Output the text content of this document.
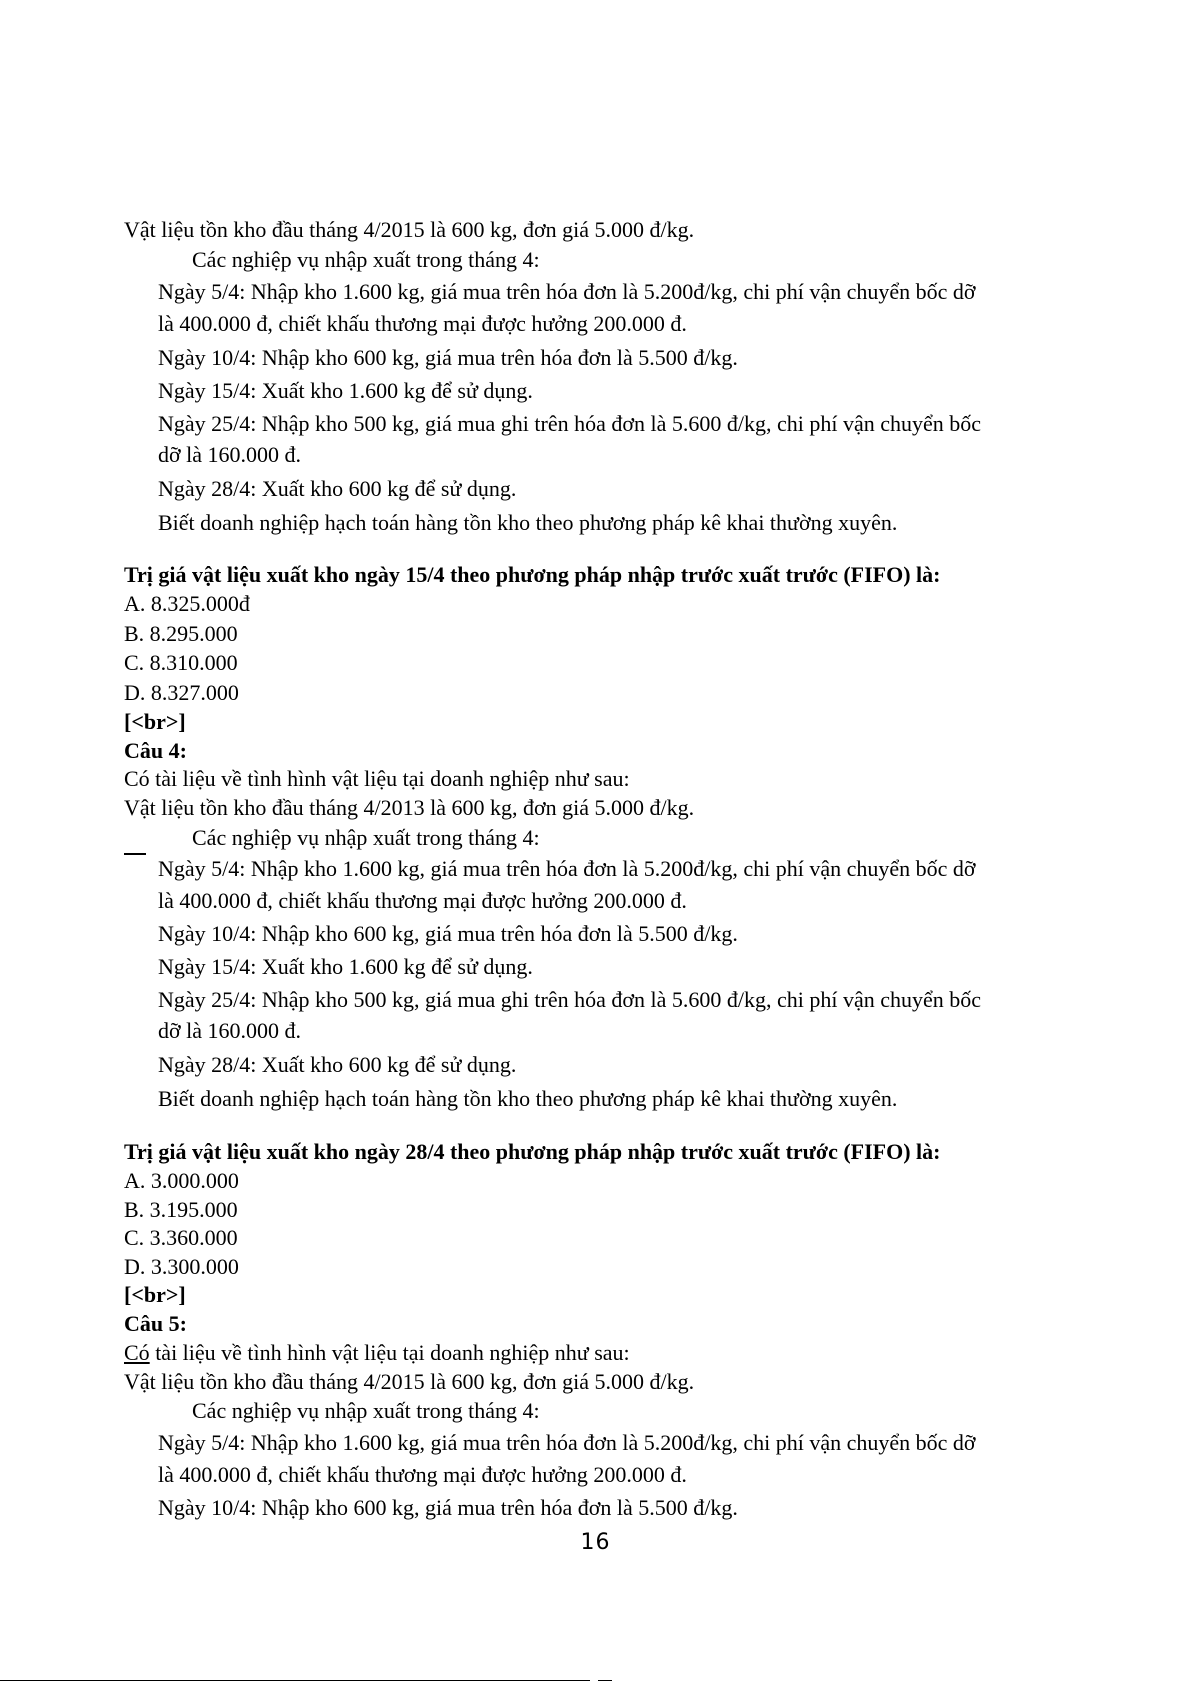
Vật liệu tồn kho đầu tháng 4/2015 là 600 kg, đơn giá 5.000 đ/kg.
Các nghiệp vụ nhập xuất trong tháng 4:
Ngày 5/4: Nhập kho 1.600 kg, giá mua trên hóa đơn là 5.200đ/kg, chi phí vận chuyển bốc dỡ
là 400.000 đ, chiết khấu thương mại được hưởng 200.000 đ.
Ngày 10/4: Nhập kho 600 kg, giá mua trên hóa đơn là 5.500 đ/kg.
Ngày 15/4: Xuất kho 1.600 kg để sử dụng.
Ngày 25/4: Nhập kho 500 kg, giá mua ghi trên hóa đơn là 5.600 đ/kg, chi phí vận chuyển bốc
dỡ là 160.000 đ.
Ngày 28/4: Xuất kho 600 kg để sử dụng.
Biết doanh nghiệp hạch toán hàng tồn kho theo phương pháp kê khai thường xuyên.
Trị giá vật liệu xuất kho ngày 15/4 theo phương pháp nhập trước xuất trước (FIFO) là:
A. 8.325.000đ
B. 8.295.000
C. 8.310.000
D. 8.327.000
[<br>]
Câu 4:
Có tài liệu về tình hình vật liệu tại doanh nghiệp như sau:
Vật liệu tồn kho đầu tháng 4/2013 là 600 kg, đơn giá 5.000 đ/kg.
Các nghiệp vụ nhập xuất trong tháng 4:
Ngày 5/4: Nhập kho 1.600 kg, giá mua trên hóa đơn là 5.200đ/kg, chi phí vận chuyển bốc dỡ
là 400.000 đ, chiết khấu thương mại được hưởng 200.000 đ.
Ngày 10/4: Nhập kho 600 kg, giá mua trên hóa đơn là 5.500 đ/kg.
Ngày 15/4: Xuất kho 1.600 kg để sử dụng.
Ngày 25/4: Nhập kho 500 kg, giá mua ghi trên hóa đơn là 5.600 đ/kg, chi phí vận chuyển bốc
dỡ là 160.000 đ.
Ngày 28/4: Xuất kho 600 kg để sử dụng.
Biết doanh nghiệp hạch toán hàng tồn kho theo phương pháp kê khai thường xuyên.
Trị giá vật liệu xuất kho ngày 28/4 theo phương pháp nhập trước xuất trước (FIFO) là:
A. 3.000.000
B. 3.195.000
C. 3.360.000
D. 3.300.000
[<br>]
Câu 5:
Có tài liệu về tình hình vật liệu tại doanh nghiệp như sau:
Vật liệu tồn kho đầu tháng 4/2015 là 600 kg, đơn giá 5.000 đ/kg.
Các nghiệp vụ nhập xuất trong tháng 4:
Ngày 5/4: Nhập kho 1.600 kg, giá mua trên hóa đơn là 5.200đ/kg, chi phí vận chuyển bốc dỡ
là 400.000 đ, chiết khấu thương mại được hưởng 200.000 đ.
Ngày 10/4: Nhập kho 600 kg, giá mua trên hóa đơn là 5.500 đ/kg.
16
